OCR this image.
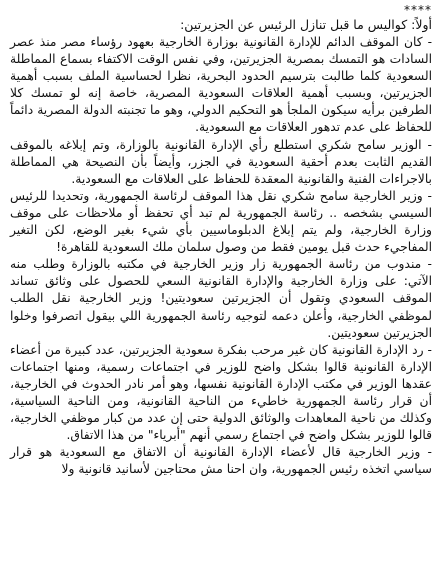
****

أولاً: كواليس ما قبل تنازل الرئيس عن الجزيرتين:

- كان الموقف الدائم للإدارة القانونية بوزارة الخارجية بعهود رؤساء مصر منذ عصر السادات هو التمسك بمصرية الجزيرتين، وفي نفس الوقت الاكتفاء بسماع المماطلة السعودية كلما طالبت بترسيم الحدود البحرية، نظرا لحساسية الملف بسبب أهمية الجزيرتين، وبسبب أهمية العلاقات السعودية المصرية، خاصة إنه لو تمسك كلا الطرفين برأيه سيكون الملجأ هو التحكيم الدولي، وهو ما تجنبته الدولة المصرية دائماً للحفاظ على عدم تدهور العلاقات مع السعودية.

- الوزير سامح شكري استطلع رأي الإدارة القانونية بالوزارة، وتم إبلاغه بالموقف القديم الثابت بعدم أحقية السعودية في الجزر، وأيضاً بأن النصيحة هي المماطلة بالاجراءات الفنية والقانونية المعقدة للحفاظ على العلاقات مع السعودية.

- وزير الخارجية سامح شكري نقل هذا الموقف لرئاسة الجمهورية، وتحديدا للرئيس السيسي بشخصه .. رئاسة الجمهورية لم تبد أي تحفظ أو ملاحظات على موقف وزارة الخارجية، ولم يتم إبلاغ الدبلوماسيين بأي شيء بغير الوضع، لكن التغير المفاجيء حدث قبل يومين فقط من وصول سلمان ملك السعودية للقاهرة!

- مندوب من رئاسة الجمهورية زار وزير الخارجية في مكتبه بالوزارة وطلب منه الآتي: على وزارة الخارجية والإدارة القانونية السعي للحصول على وثائق تساند الموقف السعودي وتقول أن الجزيرتين سعوديتين! وزير الخارجية نقل الطلب لموظفي الخارجية، وأعلن دعمه لتوجيه رئاسة الجمهورية اللي بيقول اتصرفوا وخلوا الجزيرتين سعوديتين.

- رد الإدارة القانونية كان غير مرحب بفكرة سعودية الجزيرتين، عدد كبيرة من أعضاء الإدارة القانونية قالوا بشكل واضح للوزير في اجتماعات رسمية، ومنها اجتماعات عقدها الوزير في مكتب الإدارة القانونية نفسها، وهو أمر نادر الحدوث في الخارجية، أن قرار رئاسة الجمهورية خاطيء من الناحية القانونية، ومن الناحية السياسية، وكذلك من ناحية المعاهدات والوثائق الدولية حتى إن عدد من كبار موظفي الخارجية، قالوا للوزير بشكل واضح في اجتماع رسمي أنهم "أبرياء" من هذا الاتفاق.

- وزير الخارجية قال لأعضاء الإدارة القانونية أن الاتفاق مع السعودية هو قرار سياسي اتخذه رئيس الجمهورية، وان احنا مش محتاجين لأسانيد قانونية ولا
